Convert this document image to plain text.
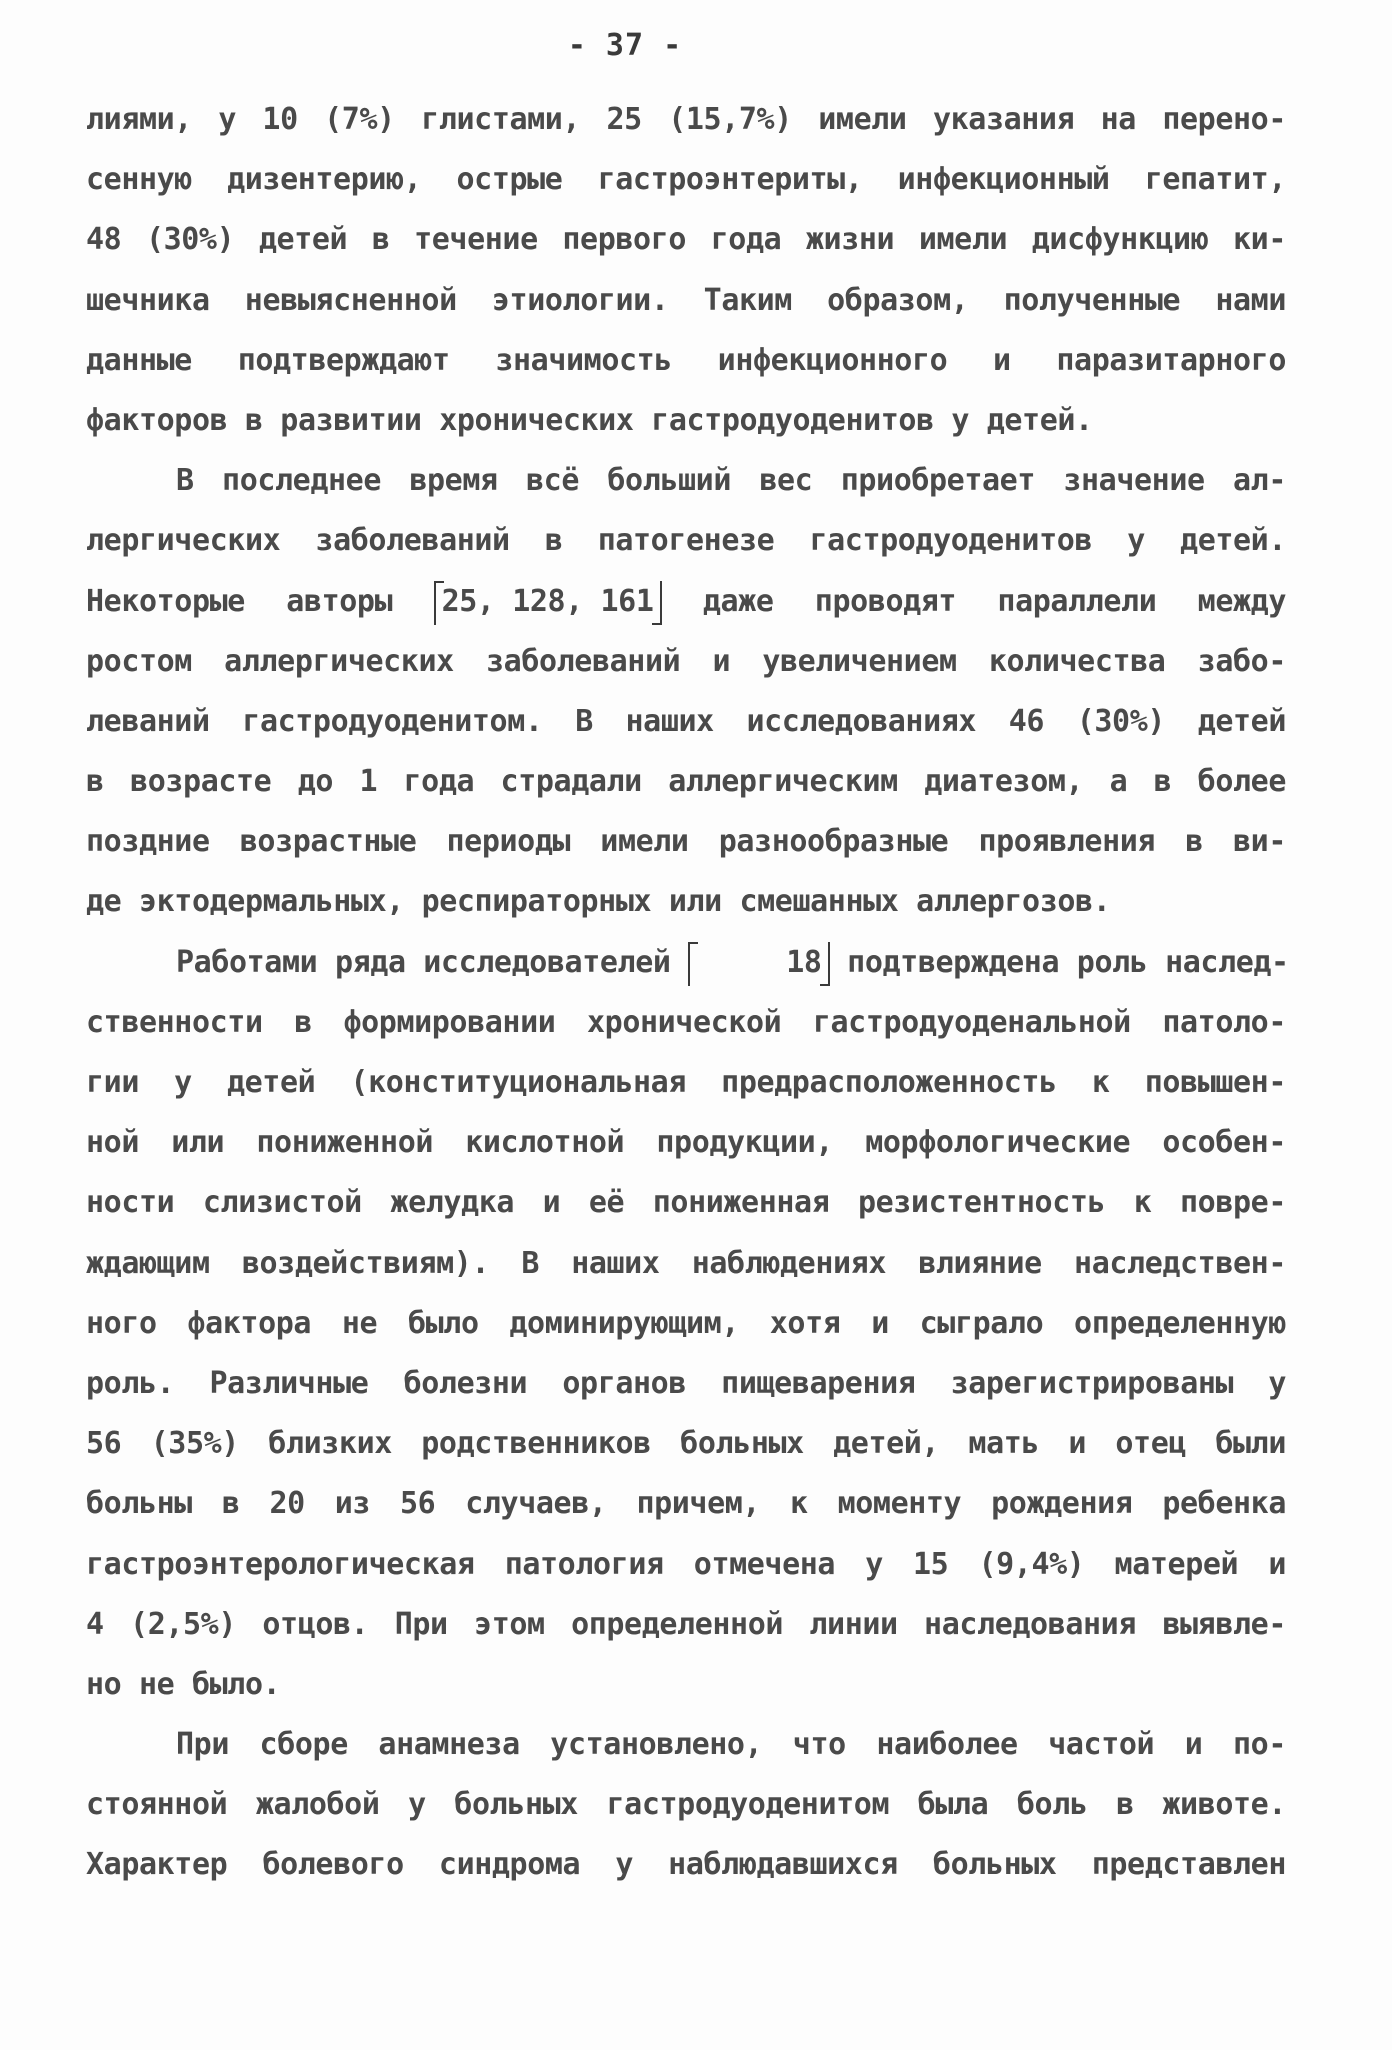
- 37 -
лиями, у 10 (7%) глистами, 25 (15,7%) имели указания на перено-
сенную дизентерию, острые гастроэнтериты, инфекционный гепатит,
48 (30%) детей в течение первого года жизни имели дисфункцию ки-
шечника невыясненной этиологии. Таким образом, полученные нами
данные подтверждают значимость инфекционного и паразитарного
факторов в развитии хронических гастродуоденитов у детей.
В последнее время всё больший вес приобретает значение ал-
лергических заболеваний в патогенезе гастродуоденитов у детей.
Некоторые авторы 25, 128, 161 даже проводят параллели между
ростом аллергических заболеваний и увеличением количества забо-
леваний гастродуоденитом. В наших исследованиях 46 (30%) детей
в возрасте до 1 года страдали аллергическим диатезом, а в более
поздние возрастные периоды имели разнообразные проявления в ви-
де эктодермальных, респираторных или смешанных аллергозов.
Работами ряда исследователей	18 подтверждена роль наслед-
ственности в формировании хронической гастродуоденальной патоло-
гии у детей (конституциональная предрасположенность к повышен-
ной или пониженной кислотной продукции, морфологические особен-
ности слизистой желудка и её пониженная резистентность к повре-
ждающим воздействиям). В наших наблюдениях влияние наследствен-
ного фактора не было доминирующим, хотя и сыграло определенную
роль. Различные болезни органов пищеварения зарегистрированы у
56 (35%) близких родственников больных детей, мать и отец были
больны в 20 из 56 случаев, причем, к моменту рождения ребенка
гастроэнтерологическая патология отмечена у 15 (9,4%) матерей и
4 (2,5%) отцов. При этом определенной линии наследования выявле-
но не было.
При сборе анамнеза установлено, что наиболее частой и по-
стоянной жалобой у больных гастродуоденитом была боль в животе.
Характер болевого синдрома у наблюдавшихся больных представлен
